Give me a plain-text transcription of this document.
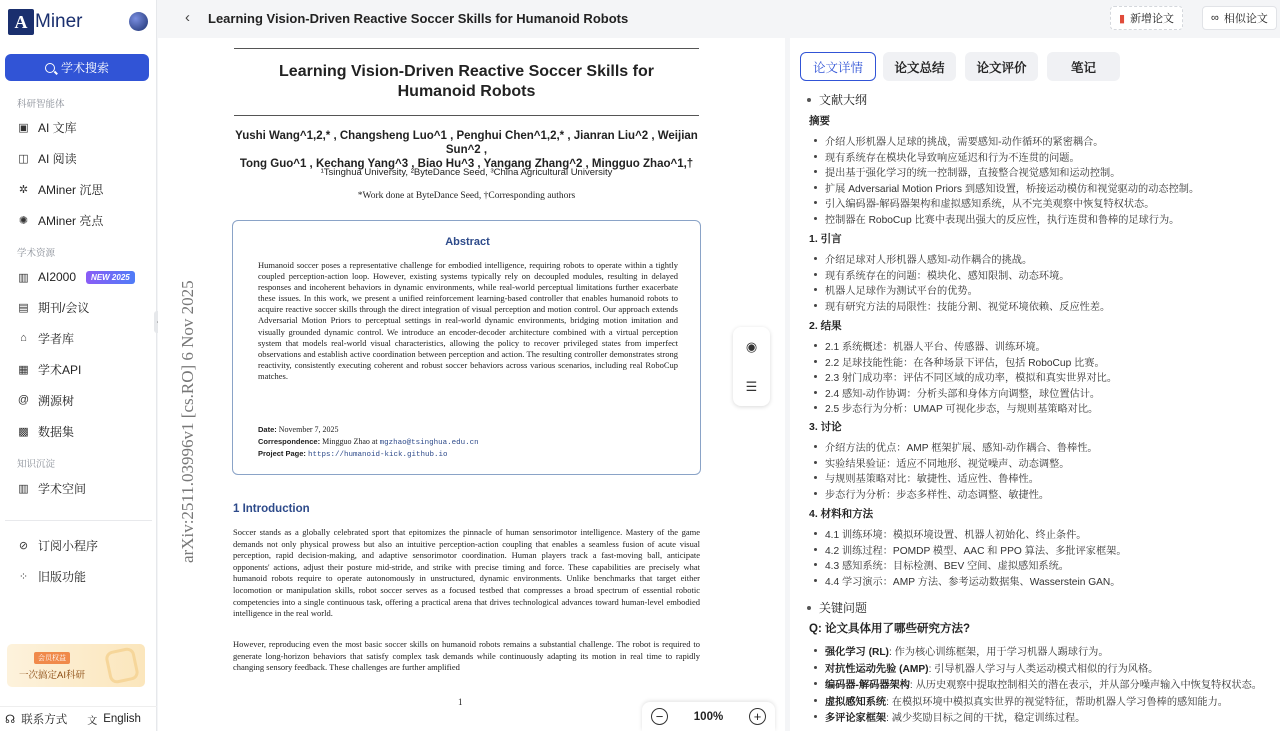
A Miner
学术搜索
科研智能体
▣ AI 文库
◫ AI 阅读
✲ AMiner 沉思
✺ AMiner 亮点
学术资源
▥ AI2000	NEW 2025
▤ 期刊/会议
⌂ 学者库
▦ 学术API
@ 溯源树
▩ 数据集
知识沉淀
▥ 学术空间
⊘ 订阅小程序
⁘ 旧版功能
会员权益
一次搞定AI科研
☊ 联系方式 文 English
‹ Learning Vision-Driven Reactive Soccer Skills for Humanoid Robots	▮ 新增论文	∞ 相似论文
Learning Vision-Driven Reactive Soccer Skills for
Humanoid Robots
Yushi Wang^1,2,* , Changsheng Luo^1 , Penghui Chen^1,2,* , Jianran Liu^2 , Weijian Sun^2 ,
Tong Guo^1 , Kechang Yang^3 , Biao Hu^3 , Yangang Zhang^2 , Mingguo Zhao^1,†
¹Tsinghua University, ²ByteDance Seed, ³China Agricultural University
*Work done at ByteDance Seed, †Corresponding authors
arXiv:2511.03996v1 [cs.RO] 6 Nov 2025
Abstract
Humanoid soccer poses a representative challenge for embodied intelligence, requiring robots to operate within a tightly coupled perception-action loop. However, existing systems typically rely on decoupled modules, resulting in delayed responses and incoherent behaviors in dynamic environments, while real-world perceptual limitations further exacerbate these issues. In this work, we present a unified reinforcement learning-based controller that enables humanoid robots to acquire reactive soccer skills through the direct integration of visual perception and motion control. Our approach extends Adversarial Motion Priors to perceptual settings in real-world dynamic environments, bridging motion imitation and visually grounded dynamic control. We introduce an encoder-decoder architecture combined with a virtual perception system that models real-world visual characteristics, allowing the policy to recover privileged states from imperfect observations and establish active coordination between perception and action. The resulting controller demonstrates strong reactivity, consistently executing coherent and robust soccer behaviors across various scenarios, including real RoboCup matches.
Date: November 7, 2025
Correspondence: Mingguo Zhao at mgzhao@tsinghua.edu.cn
Project Page: https://humanoid-kick.github.io
1 Introduction
Soccer stands as a globally celebrated sport that epitomizes the pinnacle of human sensorimotor intelligence. Mastery of the game demands not only physical prowess but also an intuitive perception-action coupling that enables a seamless fusion of acute visual perception, rapid decision-making, and adaptive sensorimotor coordination. Human players track a fast-moving ball, anticipate opponents' actions, adjust their posture mid-stride, and strike with precise timing and force. These capabilities are precisely what humanoid robots require to operate autonomously in unstructured, dynamic environments. Unlike benchmarks that target either locomotion or manipulation skills, robot soccer serves as a focused testbed that compresses a broad spectrum of essential robotic competencies into a single continuous task, offering a practical arena that drives technological advances toward human-level embodied intelligence in the real world.
However, reproducing even the most basic soccer skills on humanoid robots remains a substantial challenge. The robot is required to generate long-horizon behaviors that satisfy complex task demands while continuously adapting its motion in real time to rapidly changing sensory feedback. These challenges are further amplified
1
◉
☰
−	100%	+
论文详情	论文总结	论文评价	笔记
文献大纲
摘要
介绍人形机器人足球的挑战，需要感知-动作循环的紧密耦合。
现有系统存在模块化导致响应延迟和行为不连贯的问题。
提出基于强化学习的统一控制器，直接整合视觉感知和运动控制。
扩展 Adversarial Motion Priors 到感知设置，桥接运动模仿和视觉驱动的动态控制。
引入编码器-解码器架构和虚拟感知系统，从不完美观察中恢复特权状态。
控制器在 RoboCup 比赛中表现出强大的反应性，执行连贯和鲁棒的足球行为。
1. 引言
介绍足球对人形机器人感知-动作耦合的挑战。
现有系统存在的问题：模块化、感知限制、动态环境。
机器人足球作为测试平台的优势。
现有研究方法的局限性：技能分割、视觉环境依赖、反应性差。
2. 结果
2.1 系统概述：机器人平台、传感器、训练环境。
2.2 足球技能性能：在各种场景下评估，包括 RoboCup 比赛。
2.3 射门成功率：评估不同区域的成功率，模拟和真实世界对比。
2.4 感知-动作协调：分析头部和身体方向调整，球位置估计。
2.5 步态行为分析：UMAP 可视化步态，与规则基策略对比。
3. 讨论
介绍方法的优点：AMP 框架扩展、感知-动作耦合、鲁棒性。
实验结果验证：适应不同地形、视觉噪声、动态调整。
与规则基策略对比：敏捷性、适应性、鲁棒性。
步态行为分析：步态多样性、动态调整、敏捷性。
4. 材料和方法
4.1 训练环境：模拟环境设置、机器人初始化、终止条件。
4.2 训练过程：POMDP 模型、AAC 和 PPO 算法、多批评家框架。
4.3 感知系统：目标检测、BEV 空间、虚拟感知系统。
4.4 学习演示：AMP 方法、参考运动数据集、Wasserstein GAN。
关键问题
Q: 论文具体用了哪些研究方法?
强化学习 (RL) : 作为核心训练框架，用于学习机器人踢球行为。
对抗性运动先验 (AMP) : 引导机器人学习与人类运动模式相似的行为风格。
编码器-解码器架构 : 从历史观察中提取控制相关的潜在表示，并从部分噪声输入中恢复特权状态。
虚拟感知系统 : 在模拟环境中模拟真实世界的视觉特征，帮助机器人学习鲁棒的感知能力。
多评论家框架 : 减少奖励目标之间的干扰，稳定训练过程。
